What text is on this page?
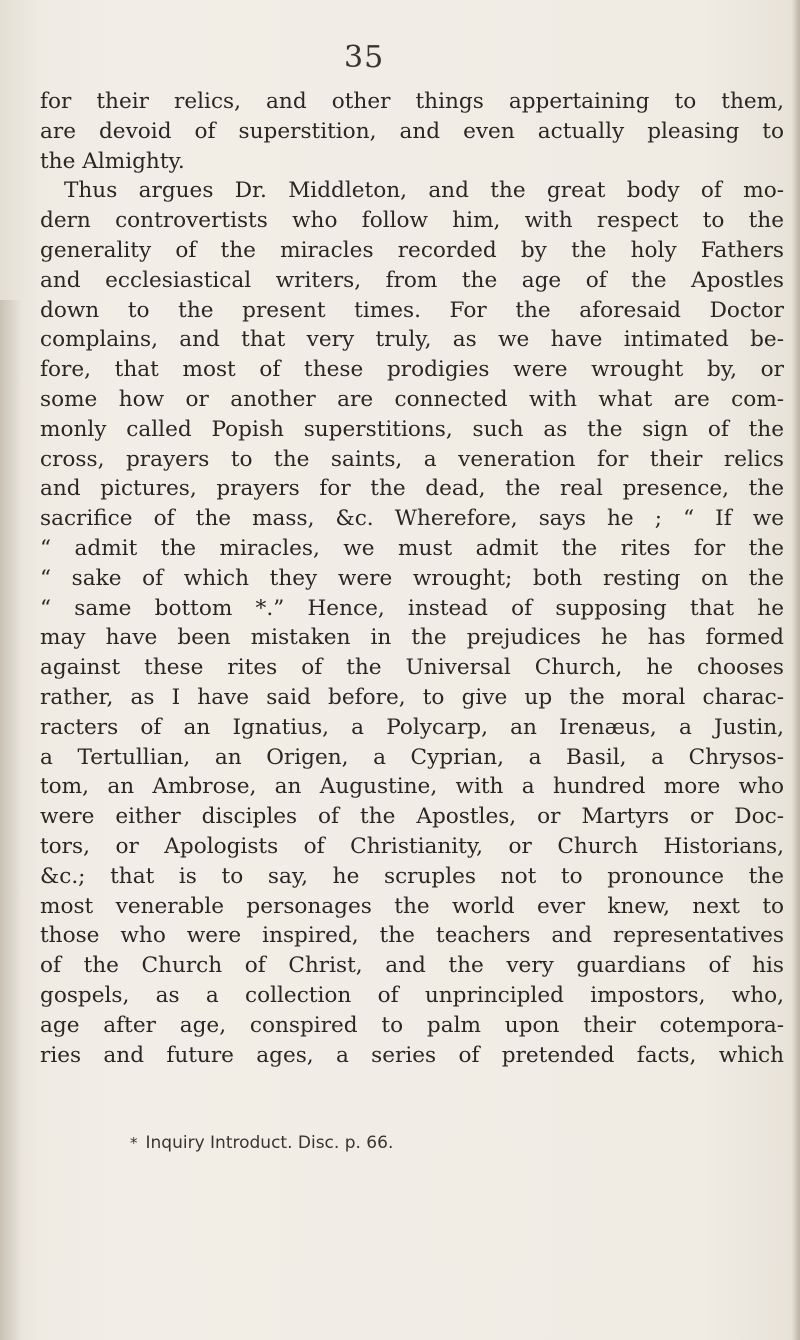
35
for their relics, and other things appertaining to them,
are devoid of superstition, and even actually pleasing to
the Almighty.
Thus argues Dr. Middleton, and the great body of mo-
dern controvertists who follow him, with respect to the
generality of the miracles recorded by the holy Fathers
and ecclesiastical writers, from the age of the Apostles
down to the present times. For the aforesaid Doctor
complains, and that very truly, as we have intimated be-
fore, that most of these prodigies were wrought by, or
some how or another are connected with what are com-
monly called Popish superstitions, such as the sign of the
cross, prayers to the saints, a veneration for their relics
and pictures, prayers for the dead, the real presence, the
sacrifice of the mass, &c. Wherefore, says he ; “ If we
“ admit the miracles, we must admit the rites for the
“ sake of which they were wrought; both resting on the
“ same bottom *.” Hence, instead of supposing that he
may have been mistaken in the prejudices he has formed
against these rites of the Universal Church, he chooses
rather, as I have said before, to give up the moral charac-
racters of an Ignatius, a Polycarp, an Irenæus, a Justin,
a Tertullian, an Origen, a Cyprian, a Basil, a Chrysos-
tom, an Ambrose, an Augustine, with a hundred more who
were either disciples of the Apostles, or Martyrs or Doc-
tors, or Apologists of Christianity, or Church Historians,
&c.; that is to say, he scruples not to pronounce the
most venerable personages the world ever knew, next to
those who were inspired, the teachers and representatives
of the Church of Christ, and the very guardians of his
gospels, as a collection of unprincipled impostors, who,
age after age, conspired to palm upon their cotempora-
ries and future ages, a series of pretended facts, which
* Inquiry Introduct. Disc. p. 66.
